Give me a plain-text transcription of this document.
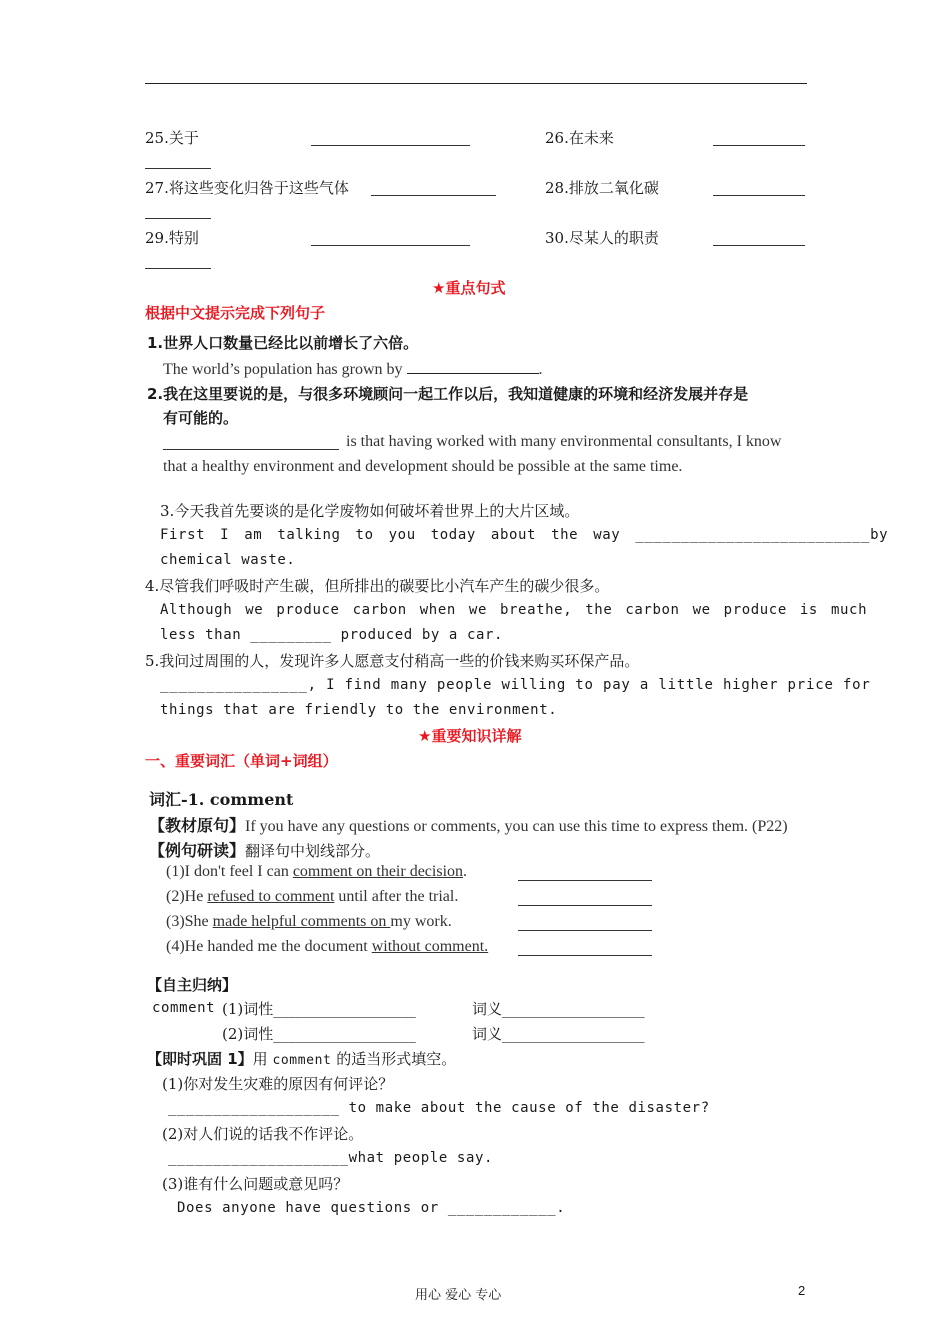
25.关于	26.在未来
27.将这些变化归咎于这些气体	28.排放二氧化碳
29.特别	30.尽某人的职责
★重点句式
根据中文提示完成下列句子
1.世界人口数量已经比以前增长了六倍。
The world’s population has grown by	.
2.我在这里要说的是，与很多环境顾问一起工作以后，我知道健康的环境和经济发展并存是
有可能的。
is that having worked with many environmental consultants, I know
that a healthy environment and development should be possible at the same time.
3.今天我首先要谈的是化学废物如何破坏着世界上的大片区域。
First I am talking to you today about the way __________________________by
chemical waste.
4.尽管我们呼吸时产生碳，但所排出的碳要比小汽车产生的碳少很多。
Although we produce carbon when we breathe, the carbon we produce is much
less than _________ produced by a car.
5.我问过周围的人，发现许多人愿意支付稍高一些的价钱来购买环保产品。
________________, I find many people willing to pay a little higher price for
things that are friendly to the environment.
★重要知识详解
一、重要词汇（单词+词组）
词汇-1. comment
【教材原句】If you have any questions or comments, you can use this time to express them. (P22)
【例句研读】翻译句中划线部分。
(1)I don't feel I can comment on their decision.
(2)He refused to comment until after the trial.
(3)She made helpful comments on my work.
(4)He handed me the document without comment.
【自主归纳】
comment (1)词性___________________	词义___________________
(2)词性___________________	词义___________________
【即时巩固 1】用 comment 的适当形式填空。
(1)你对发生灾难的原因有何评论？
___________________ to make about the cause of the disaster?
(2)对人们说的话我不作评论。
____________________what people say.
(3)谁有什么问题或意见吗？
Does anyone have questions or ____________.
用心 爱心 专心	2
